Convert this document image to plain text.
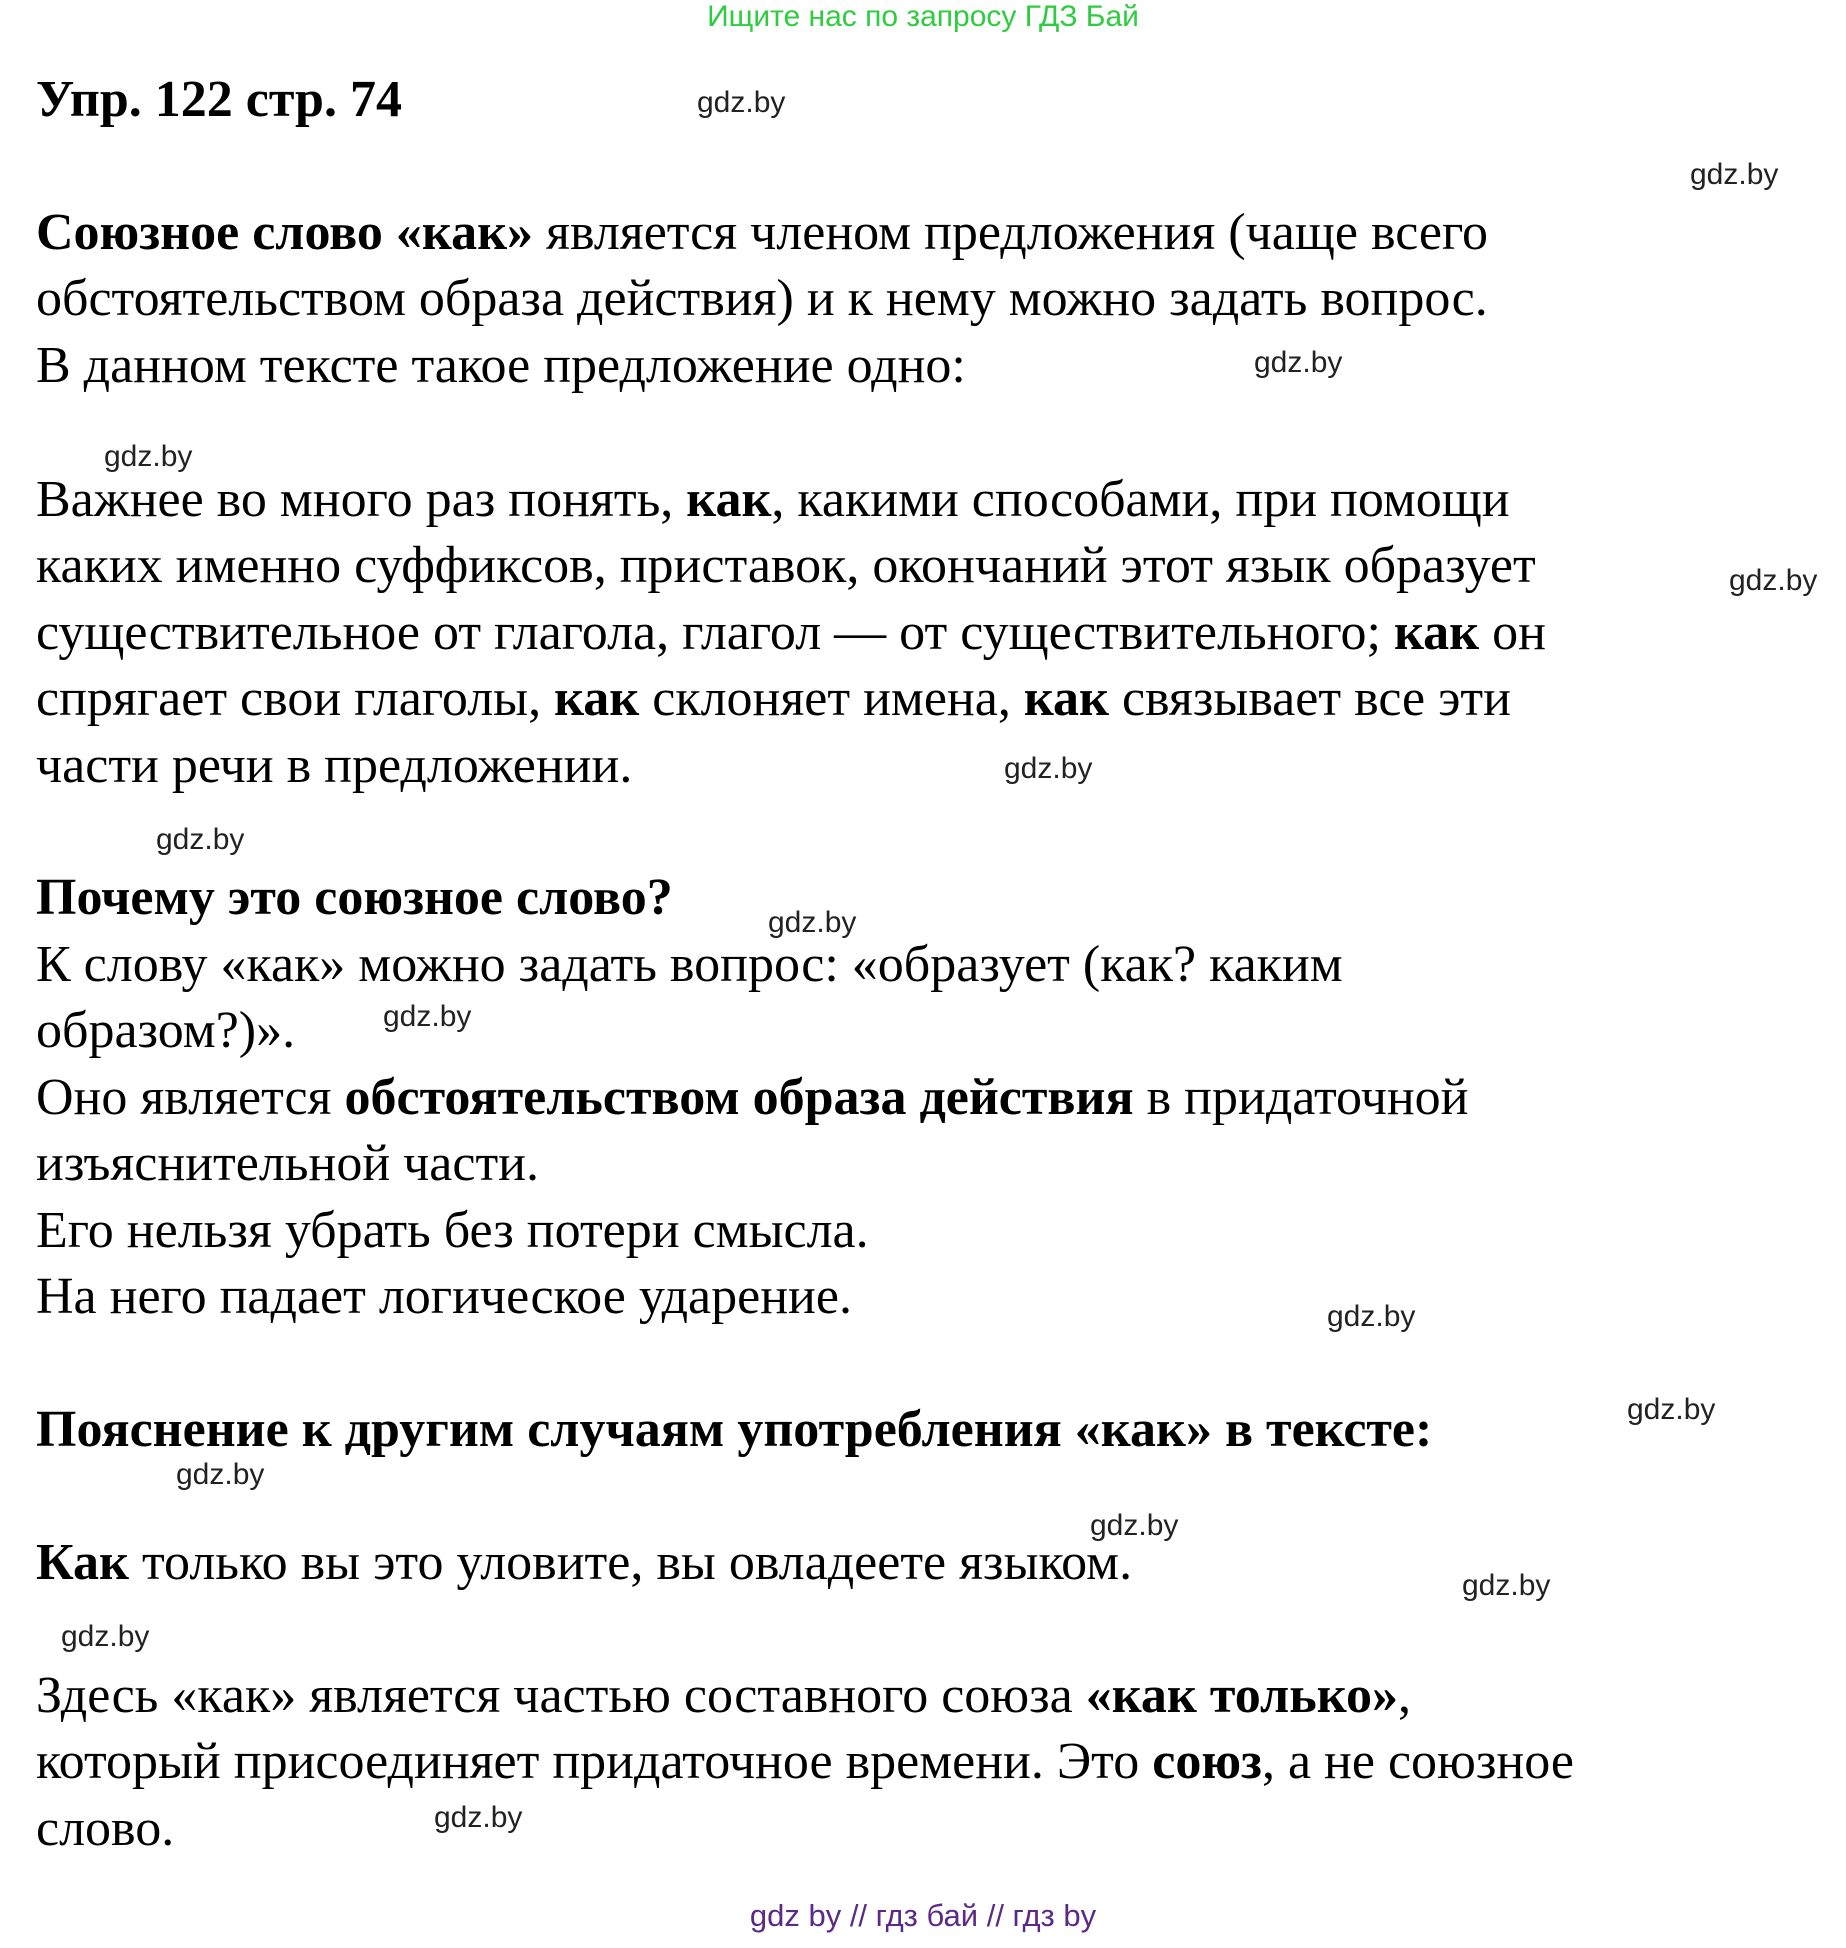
Ищите нас по запросу ГДЗ Бай
Упр. 122 стр. 74	gdz.by
gdz.by
gdz.by
gdz.by
gdz.by
gdz.by
gdz.by
gdz.by
gdz.by
gdz.by
gdz.by
gdz.by
gdz.by
gdz.by
gdz.by
gdz.by
Союзное слово «как» является членом предложения (чаще всего
обстоятельством образа действия) и к нему можно задать вопрос.
В данном тексте такое предложение одно:
Важнее во много раз понять, как, какими способами, при помощи
каких именно суффиксов, приставок, окончаний этот язык образует
существительное от глагола, глагол — от существительного; как он
спрягает свои глаголы, как склоняет имена, как связывает все эти
части речи в предложении.
Почему это союзное слово?
К слову «как» можно задать вопрос: «образует (как? каким
образом?)».
Оно является обстоятельством образа действия в придаточной
изъяснительной части.
Его нельзя убрать без потери смысла.
На него падает логическое ударение.
Пояснение к другим случаям употребления «как» в тексте:
Как только вы это уловите, вы овладеете языком.
Здесь «как» является частью составного союза «как только»,
который присоединяет придаточное времени. Это союз, а не союзное
слово.
gdz by // гдз бай // гдз by
